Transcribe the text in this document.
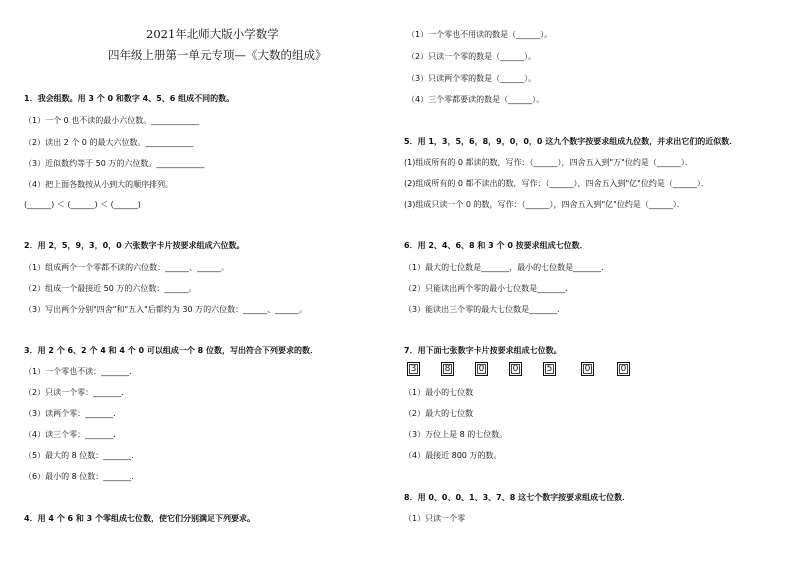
2021年北师大版小学数学
四年级上册第一单元专项—《大数的组成》
1．我会组数。用 3 个 0 和数字 4、5、6 组成不同的数。
（1）一个 0 也不读的最小六位数。____________
（2）读出 2 个 0 的最大六位数。____________
（3）近似数约等于 50 万的六位数。____________
（4）把上面各数按从小到大的顺序排列。
(______) ＜ (______) ＜ (______)
2．用 2，5，9，3，0，0 六张数字卡片按要求组成六位数。
（1）组成两个一个零都不读的六位数：______、______。
（2）组成一个最接近 50 万的六位数：______。
（3）写出两个分别"四舍"和"五入"后都约为 30 万的六位数：______、______。
3．用 2 个 6、2 个 4 和 4 个 0 可以组成一个 8 位数，写出符合下列要求的数．
（1）一个零也不读：_______．
（2）只读一个零：_______．
（3）读两个零：_______．
（4）读三个零：_______．
（5）最大的 8 位数：_______．
（6）最小的 8 位数：_______．
4．用 4 个 6 和 3 个零组成七位数，使它们分别满足下列要求。
（1）一个零也不用读的数是（______）。
（2）只读一个零的数是（______）。
（3）只读两个零的数是（______）。
（4）三个零都要读的数是（______）。
5．用 1，3，5，6，8，9，0，0，0 这九个数字按要求组成九位数，并求出它们的近似数．
(1)组成所有的 0 都读的数，写作：（______），四舍五入到"万"位约是（______）．
(2)组成所有的 0 都不读出的数，写作：（______），四舍五入到"亿"位约是（______）．
(3)组成只读一个 0 的数，写作：（______），四舍五入到"亿"位约是（______）．
6．用 2、4、6、8 和 3 个 0 按要求组成七位数．
（1）最大的七位数是_______，最小的七位数是_______．
（2）只能读出两个零的最小七位数是_______．
（3）能读出三个零的最大七位数是_______．
7．用下面七张数字卡片按要求组成七位数。
3	8	0	0	5	0	0
（1）最小的七位数
（2）最大的七位数
（3）万位上是 8 的七位数。
（4）最接近 800 万的数。
8．用 0、0、0、1、3、7、8 这七个数字按要求组成七位数．
（1）只读一个零
